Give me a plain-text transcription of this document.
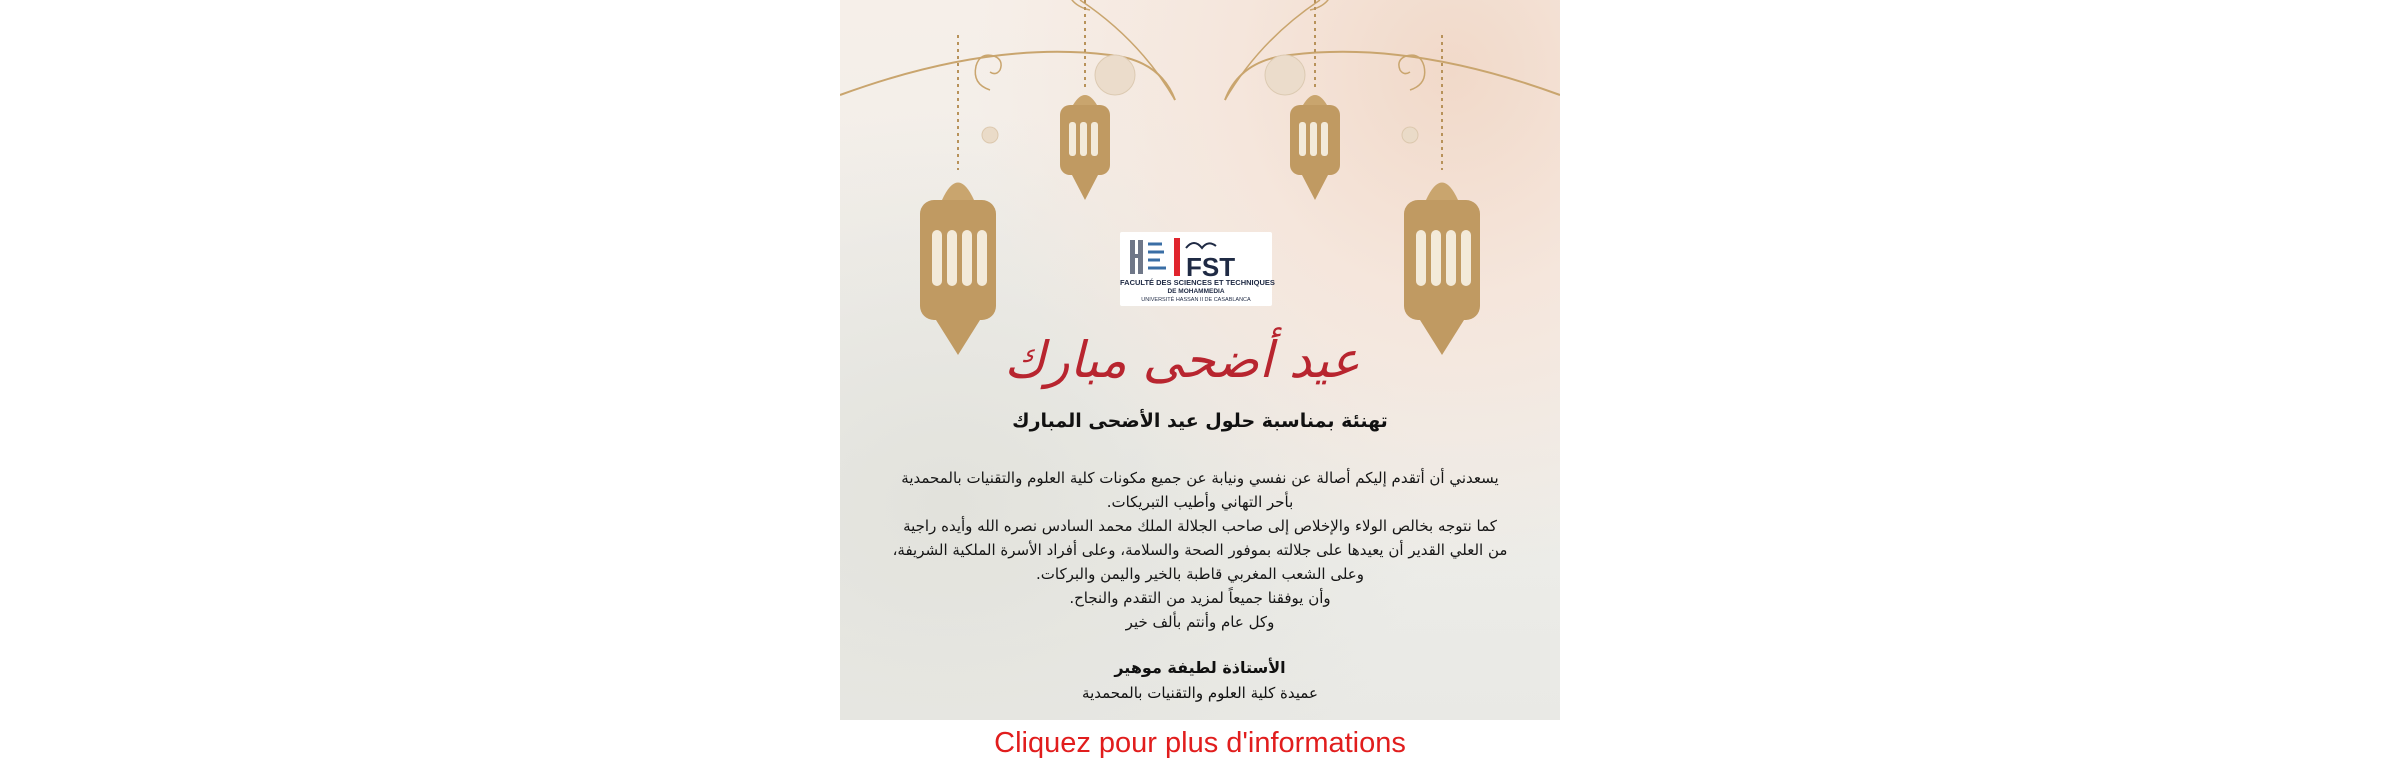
FST
FACULTÉ DES SCIENCES ET TECHNIQUES
DE MOHAMMEDIA
UNIVERSITÉ HASSAN II DE CASABLANCA
عيد أضحى مبارك
تهنئة بمناسبة حلول عيد الأضحى المبارك
يسعدني أن أتقدم إليكم أصالة عن نفسي ونيابة عن جميع مكونات كلية العلوم والتقنيات بالمحمدية
بأحر التهاني وأطيب التبريكات.
كما نتوجه بخالص الولاء والإخلاص إلى صاحب الجلالة الملك محمد السادس نصره الله وأيده راجية
من العلي القدير أن يعيدها على جلالته بموفور الصحة والسلامة، وعلى أفراد الأسرة الملكية الشريفة،
وعلى الشعب المغربي قاطبة بالخير واليمن والبركات.
وأن يوفقنا جميعاً لمزيد من التقدم والنجاح.
وكل عام وأنتم بألف خير
الأستاذة لطيفة موهير
عميدة كلية العلوم والتقنيات بالمحمدية
Cliquez pour plus d'informations
